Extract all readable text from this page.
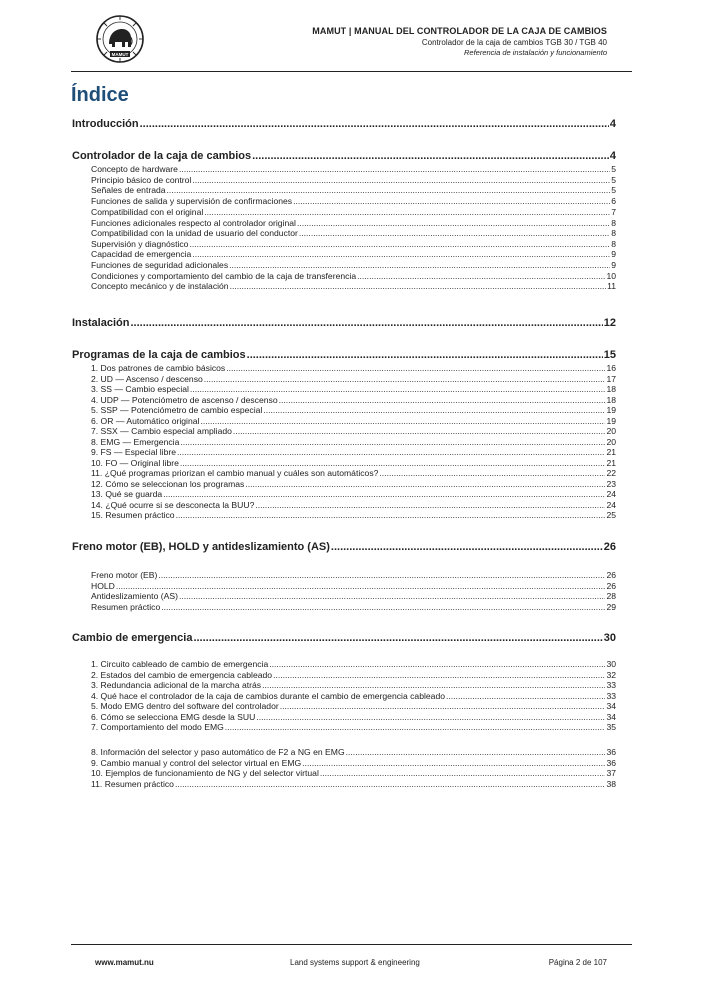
MAMUT
MAMUT | MANUAL DEL CONTROLADOR DE LA CAJA DE CAMBIOS
Controlador de la caja de cambios TGB 30 / TGB 40
Referencia de instalación y funcionamiento
Índice
Introducción .....	4
Controlador de la caja de cambios .....	4
Concepto de hardware .....	5
Principio básico de control .....	5
Señales de entrada .....	5
Funciones de salida y supervisión de confirmaciones .....	6
Compatibilidad con el original .....	7
Funciones adicionales respecto al controlador original .....	8
Compatibilidad con la unidad de usuario del conductor .....	8
Supervisión y diagnóstico .....	8
Capacidad de emergencia .....	9
Funciones de seguridad adicionales .....	9
Condiciones y comportamiento del cambio de la caja de transferencia .....	10
Concepto mecánico y de instalación .....	11
Instalación .....	12
Programas de la caja de cambios .....	15
1. Dos patrones de cambio básicos .....	16
2. UD — Ascenso / descenso .....	17
3. SS — Cambio especial .....	18
4. UDP — Potenciómetro de ascenso / descenso .....	18
5. SSP — Potenciómetro de cambio especial .....	19
6. OR — Automático original .....	19
7. SSX — Cambio especial ampliado .....	20
8. EMG — Emergencia .....	20
9. FS — Especial libre .....	21
10. FO — Original libre .....	21
11. ¿Qué programas priorizan el cambio manual y cuáles son automáticos? .....	22
12. Cómo se seleccionan los programas .....	23
13. Qué se guarda .....	24
14. ¿Qué ocurre si se desconecta la BUU? .....	24
15. Resumen práctico .....	25
Freno motor (EB), HOLD y antideslizamiento (AS) .....	26
Freno motor (EB) .....	26
HOLD .....	26
Antideslizamiento (AS) .....	28
Resumen práctico .....	29
Cambio de emergencia .....	30
1. Circuito cableado de cambio de emergencia .....	30
2. Estados del cambio de emergencia cableado .....	32
3. Redundancia adicional de la marcha atrás .....	33
4. Qué hace el controlador de la caja de cambios durante el cambio de emergencia cableado .....	33
5. Modo EMG dentro del software del controlador .....	34
6. Cómo se selecciona EMG desde la SUU .....	34
7. Comportamiento del modo EMG .....	35
8. Información del selector y paso automático de F2 a NG en EMG .....	36
9. Cambio manual y control del selector virtual en EMG .....	36
10. Ejemplos de funcionamiento de NG y del selector virtual .....	37
11. Resumen práctico .....	38
www.mamut.nu	Land systems support & engineering	Página 2 de 107
